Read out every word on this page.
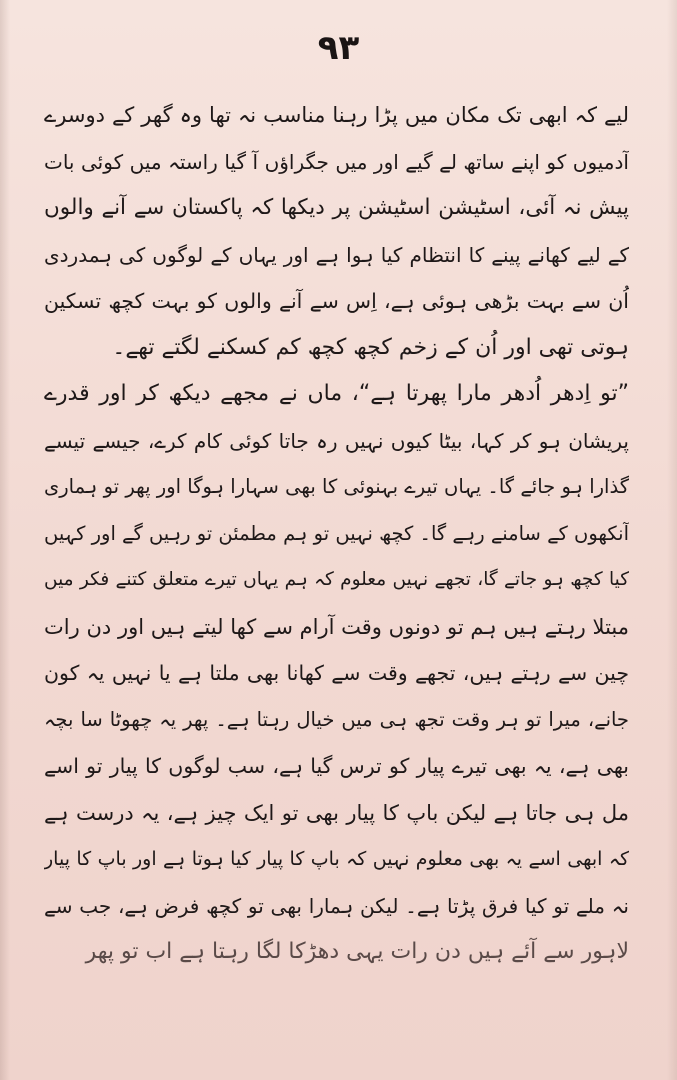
٩٣
لیے کہ ابھی تک مکان میں پڑا رہنا مناسب نہ تھا وہ گھر کے دوسرے
آدمیوں کو اپنے ساتھ لے گیے اور میں جگراؤں آ گیا راستہ میں کوئی بات
پیش نہ آئی، اسٹیشن اسٹیشن پر دیکھا کہ پاکستان سے آنے والوں
کے لیے کھانے پینے کا انتظام کیا ہوا ہے اور یہاں کے لوگوں کی ہمدردی
اُن سے بہت بڑھی ہوئی ہے، اِس سے آنے والوں کو بہت کچھ تسکین
ہوتی تھی اور اُن کے زخم کچھ کچھ کم کسکنے لگتے تھے۔
”تو اِدھر اُدھر مارا پھرتا ہے“، ماں نے مجھے دیکھ کر اور قدرے
پریشان ہو کر کہا، بیٹا کیوں نہیں رہ جاتا کوئی کام کرے، جیسے تیسے
گذارا ہو جائے گا۔ یہاں تیرے بہنوئی کا بھی سہارا ہوگا اور پھر تو ہماری
آنکھوں کے سامنے رہے گا۔ کچھ نہیں تو ہم مطمئن تو رہیں گے اور کہیں
کیا کچھ ہو جاتے گا، تجھے نہیں معلوم کہ ہم یہاں تیرے متعلق کتنے فکر میں
مبتلا رہتے ہیں ہم تو دونوں وقت آرام سے کھا لیتے ہیں اور دن رات
چین سے رہتے ہیں، تجھے وقت سے کھانا بھی ملتا ہے یا نہیں یہ کون
جانے، میرا تو ہر وقت تجھ ہی میں خیال رہتا ہے۔ پھر یہ چھوٹا سا بچہ
بھی ہے، یہ بھی تیرے پیار کو ترس گیا ہے، سب لوگوں کا پیار تو اسے
مل ہی جاتا ہے لیکن باپ کا پیار بھی تو ایک چیز ہے، یہ درست ہے
کہ ابھی اسے یہ بھی معلوم نہیں کہ باپ کا پیار کیا ہوتا ہے اور باپ کا پیار
نہ ملے تو کیا فرق پڑتا ہے۔ لیکن ہمارا بھی تو کچھ فرض ہے، جب سے
لاہور سے آئے ہیں دن رات یہی دھڑکا لگا رہتا ہے اب تو پھر
